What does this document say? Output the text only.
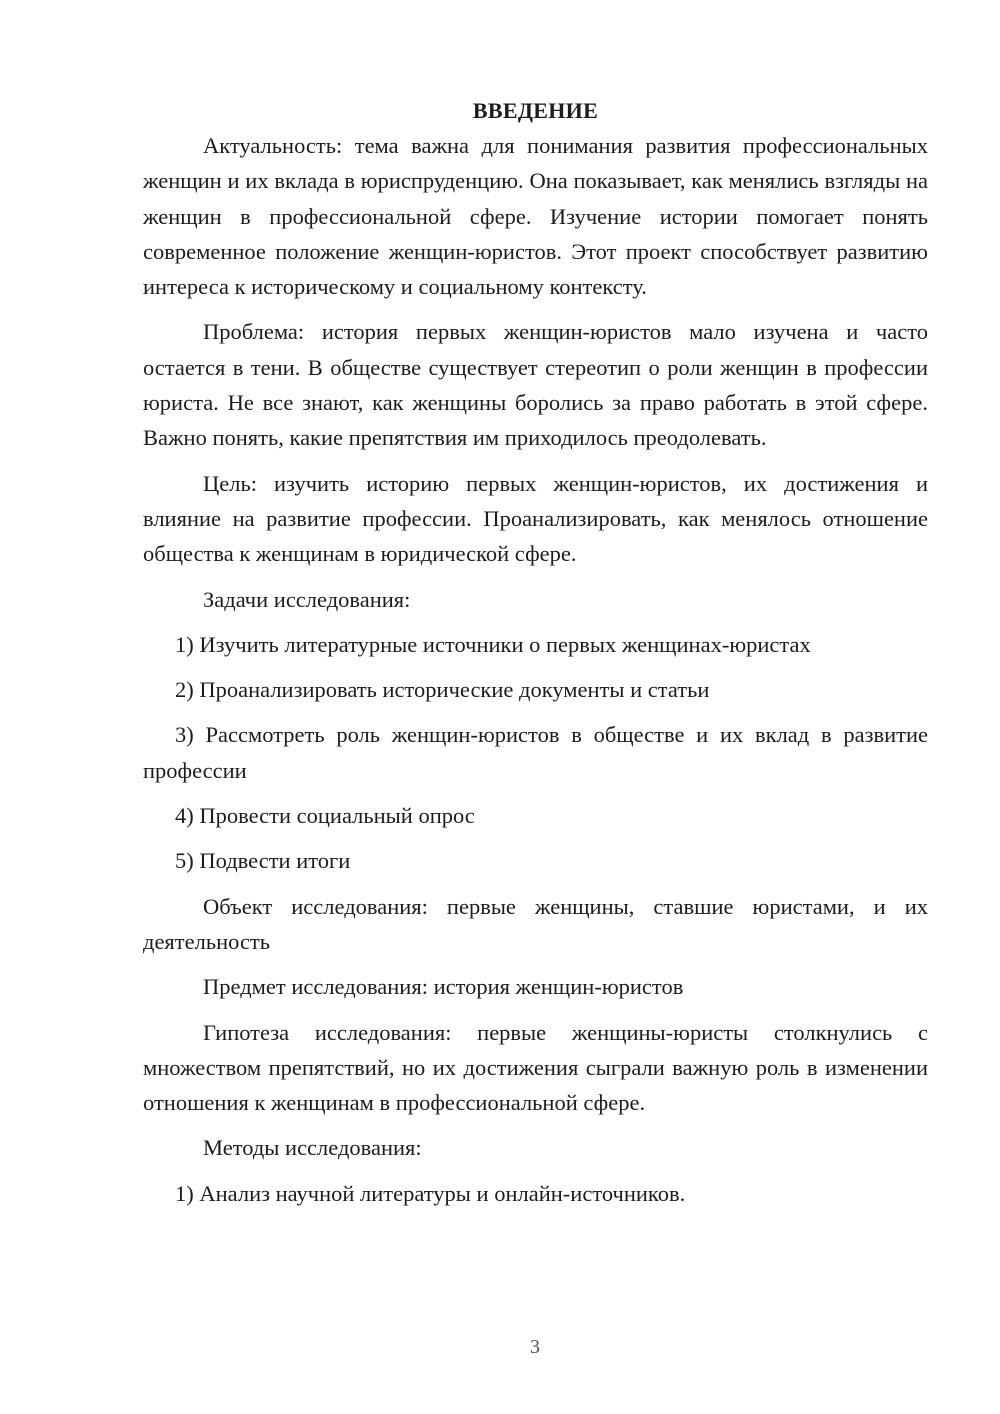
ВВЕДЕНИЕ

Актуальность: тема важна для понимания развития профессиональных женщин и их вклада в юриспруденцию. Она показывает, как менялись взгляды на женщин в профессиональной сфере. Изучение истории помогает понять современное положение женщин-юристов. Этот проект способствует развитию интереса к историческому и социальному контексту.

Проблема: история первых женщин-юристов мало изучена и часто остается в тени. В обществе существует стереотип о роли женщин в профессии юриста. Не все знают, как женщины боролись за право работать в этой сфере. Важно понять, какие препятствия им приходилось преодолевать.

Цель: изучить историю первых женщин-юристов, их достижения и влияние на развитие профессии. Проанализировать, как менялось отношение общества к женщинам в юридической сфере.

Задачи исследования:

1) Изучить литературные источники о первых женщинах-юристах

2) Проанализировать исторические документы и статьи

3) Рассмотреть роль женщин-юристов в обществе и их вклад в развитие профессии

4) Провести социальный опрос

5) Подвести итоги

Объект исследования: первые женщины, ставшие юристами, и их деятельность

Предмет исследования: история женщин-юристов

Гипотеза исследования: первые женщины-юристы столкнулись с множеством препятствий, но их достижения сыграли важную роль в изменении отношения к женщинам в профессиональной сфере.

Методы исследования:

1) Анализ научной литературы и онлайн-источников.

3
